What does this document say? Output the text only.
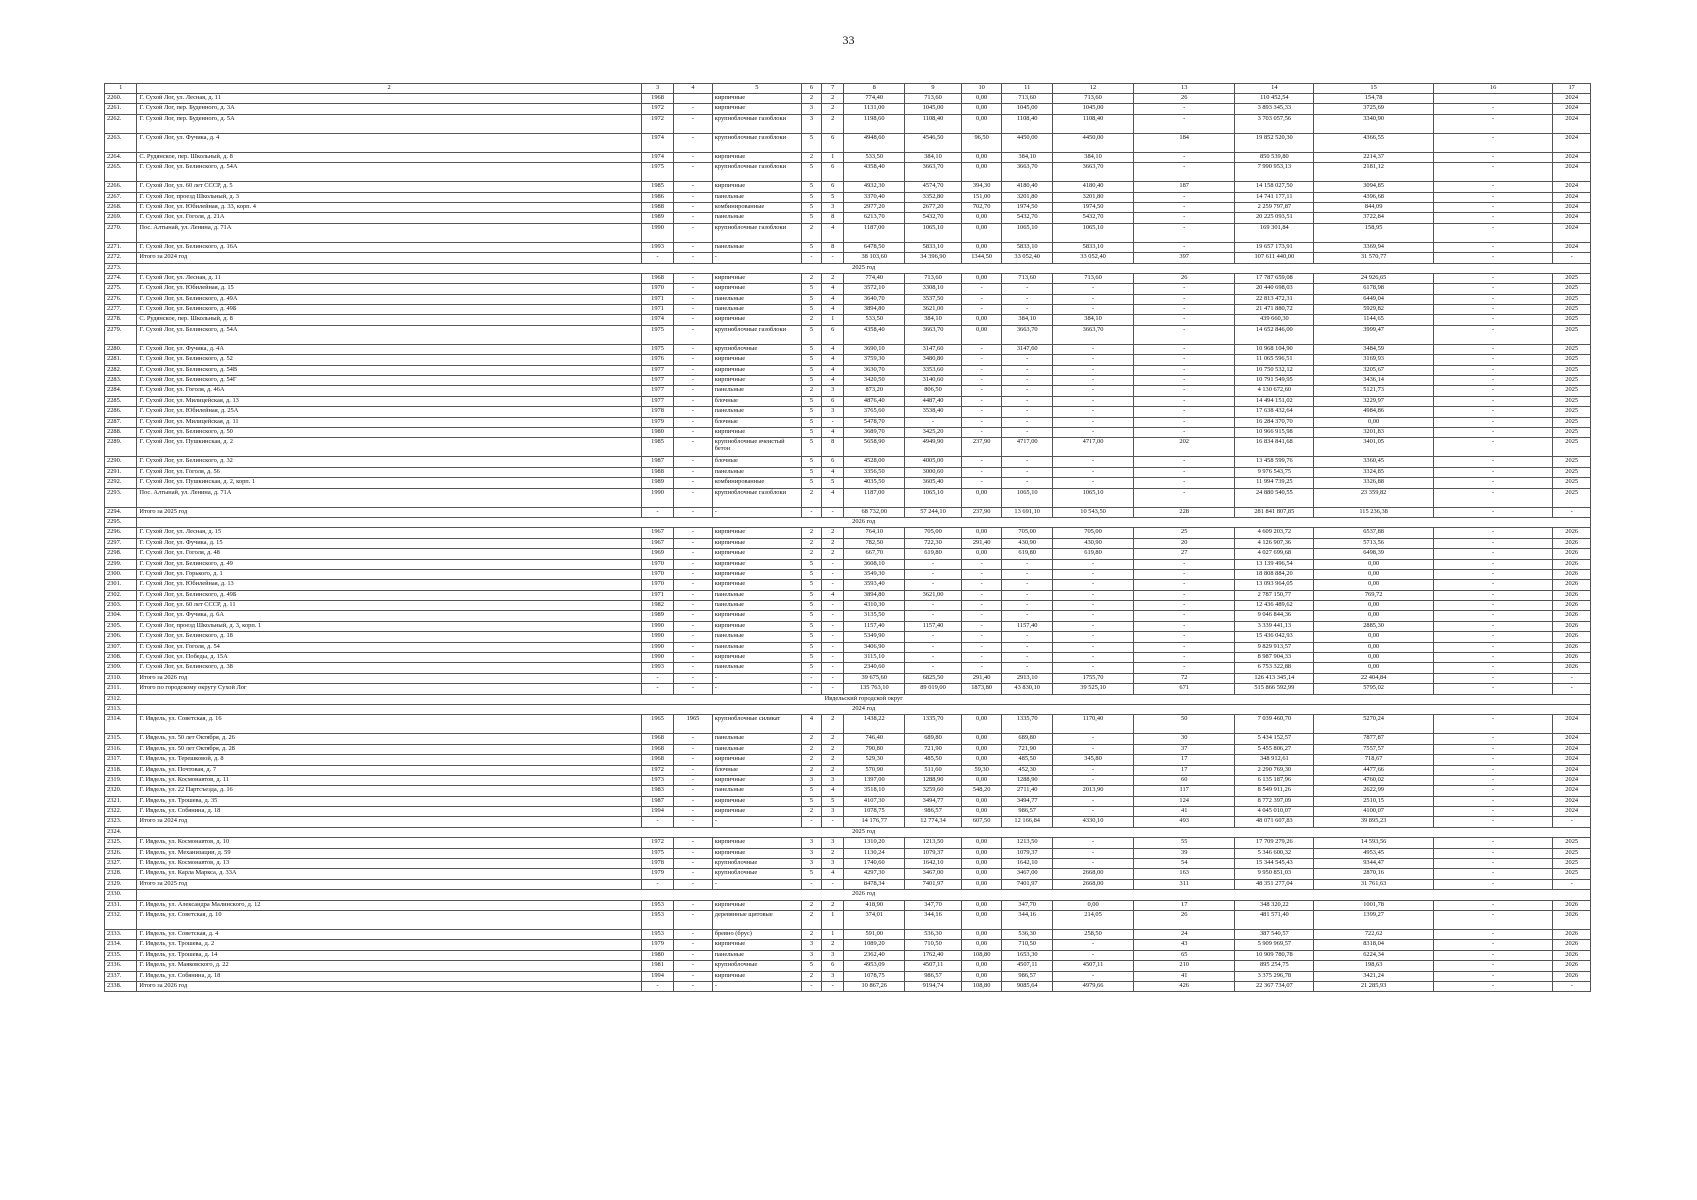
33
1	2	3	4	5	6	7	8	9	10	11	12	13	14	15	16	17
2260.	Г. Сухой Лог, ул. Лесная, д. 11	1968		кирпичные	2	2	774,40	713,60	0,00	713,60	713,60	26	110 452,54	154,78		2024
2261.	Г. Сухой Лог, пер. Буденного, д. 3А	1972	-	кирпичные	3	2	1131,00	1045,00	0,00	1045,00	1045,00	-	3 893 345,33	3725,69	-	2024
2262.	Г. Сухой Лог, пер. Буденного, д. 5А	1972	-	крупноблочные газоблоки	3	2	1198,60	1108,40	0,00	1108,40	1108,40	-	3 703 057,56	3340,90	-	2024
2263.	Г. Сухой Лог, ул. Фучика, д. 4	1974	-	крупноблочные газоблоки	5	6	4948,60	4546,50	96,50	4450,00	4450,00	184	19 852 520,30	4366,55	-	2024
2264.	С. Рудянское, пер. Школьный, д. 8	1974	-	кирпичные	2	1	533,50	384,10	0,00	384,10	384,10	-	850 539,80	2214,37	-	2024
2265.	Г. Сухой Лог, ул. Белинского, д. 54А	1975	-	крупноблочные газоблоки	5	6	4358,40	3663,70	0,00	3663,70	3663,70	-	7 990 953,13	2181,12	-	2024
2266.	Г. Сухой Лог, ул. 60 лет СССР, д. 5	1985	-	кирпичные	5	6	4932,30	4574,70	394,30	4180,40	4180,40	187	14 158 027,50	3094,85	-	2024
2267.	Г. Сухой Лог, проезд Школьный, д. 3	1986	-	панельные	5	5	3370,40	3352,80	151,00	3201,80	3201,80	-	14 741 177,11	4396,68	-	2024
2268.	Г. Сухой Лог, ул. Юбилейная, д. 33, корп. 4	1988	-	комбинированные	5	3	2977,20	2677,20	702,70	1974,50	1974,50	-	2 259 797,87	844,09	-	2024
2269.	Г. Сухой Лог, ул. Гоголя, д. 21А	1989	-	панельные	5	8	6213,70	5432,70	0,00	5432,70	5432,70	-	20 225 093,51	3722,84	-	2024
2270.	Пос. Алтынай, ул. Ленина, д. 71А	1990	-	крупноблочные газоблоки	2	4	1187,00	1065,10	0,00	1065,10	1065,10	-	169 301,84	158,95	-	2024
2271.	Г. Сухой Лог, ул. Белинского, д. 16А	1993	-	панельные	5	8	6478,50	5833,10	0,00	5833,10	5833,10	-	19 657 173,91	3369,94	-	2024
2272.	Итого за 2024 год	-	-	-	-	-	38 103,60	34 396,90	1344,50	33 052,40	33 052,40	397	107 611 440,00	31 570,77	-	-
2273.	2025 год															
2274.	Г. Сухой Лог, ул. Лесная, д. 11	1968	-	кирпичные	2	2	774,40	713,60	0,00	713,60	713,60	26	17 787 659,08	24 926,65	-	2025
2275.	Г. Сухой Лог, ул. Юбилейная, д. 15	1970	-	кирпичные	5	4	3572,10	3308,10	-	-	-	-	20 440 698,03	6178,98	-	2025
2276.	Г. Сухой Лог, ул. Белинского, д. 49А	1971	-	панельные	5	4	3640,70	3537,50	-	-	-	-	22 813 472,31	6449,04	-	2025
2277.	Г. Сухой Лог, ул. Белинского, д. 49Б	1971	-	панельные	5	4	3894,80	3621,00	-	-	-	-	21 471 880,72	5929,82	-	2025
2278.	С. Рудянское, пер. Школьный, д. 8	1974	-	кирпичные	2	1	533,50	384,10	0,00	384,10	384,10	-	439 660,30	1144,65	-	2025
2279.	Г. Сухой Лог, ул. Белинского, д. 54А	1975	-	крупноблочные газоблоки	5	6	4358,40	3663,70	0,00	3663,70	3663,70	-	14 652 846,00	3999,47	-	2025
2280.	Г. Сухой Лог, ул. Фучика, д. 4А	1975	-	крупноблочные	5	4	3690,10	3147,60	-	3147,60	-	-	10 968 104,90	3484,59	-	2025
2281.	Г. Сухой Лог, ул. Белинского, д. 52	1976	-	кирпичные	5	4	3759,30	3480,80	-	-	-	-	11 065 596,51	3169,93	-	2025
2282.	Г. Сухой Лог, ул. Белинского, д. 54В	1977	-	кирпичные	5	4	3630,70	3353,60	-	-	-	-	10 750 532,12	3205,67	-	2025
2283.	Г. Сухой Лог, ул. Белинского, д. 54Г	1977	-	кирпичные	5	4	3420,50	3140,60	-	-	-	-	10 791 549,95	3436,14	-	2025
2284.	Г. Сухой Лог, ул. Гоголя, д. 46А	1977	-	панельные	2	3	873,20	806,50	-	-	-	-	4 130 672,60	5121,73	-	2025
2285.	Г. Сухой Лог, ул. Милицейская, д. 13	1977	-	блочные	5	6	4876,40	4487,40	-	-	-	-	14 494 151,02	3229,97	-	2025
2286.	Г. Сухой Лог, ул. Юбилейная, д. 25А	1978	-	панельные	5	3	3765,60	3538,40	-	-	-	-	17 638 432,64	4984,86	-	2025
2287.	Г. Сухой Лог, ул. Милицейская, д. 11	1979	-	блочные	5	-	5478,70	-	-	-	-	-	16 284 370,70	0,00	-	2025
2288.	Г. Сухой Лог, ул. Белинского, д. 50	1980	-	кирпичные	5	4	3689,70	3425,20	-	-	-	-	10 966 915,98	3201,83	-	2025
2289.	Г. Сухой Лог, ул. Пушкинская, д. 2	1985	-	крупноблочные ячеистый бетон	5	8	5658,90	4949,90	237,90	4717,00	4717,00	202	16 834 841,68	3401,05	-	2025
2290.	Г. Сухой Лог, ул. Белинского, д. 32	1987	-	блочные	5	6	4528,00	4005,00	-	-	-	-	13 458 599,76	3360,45	-	2025
2291.	Г. Сухой Лог, ул. Гоголя, д. 56	1988	-	панельные	5	4	3356,50	3000,60	-	-	-	-	9 976 543,75	3324,85	-	2025
2292.	Г. Сухой Лог, ул. Пушкинская, д. 2, корп. 1	1989	-	комбинированные	5	5	4035,50	3605,40	-	-	-	-	11 994 739,25	3326,88	-	2025
2293.	Пос. Алтынай, ул. Ленина, д. 71А	1990	-	крупноблочные газоблоки	2	4	1187,00	1065,10	0,00	1065,10	1065,10	-	24 880 540,55	23 359,82	-	2025
2294.	Итого за 2025 год	-	-	-	-	-	68 732,00	57 244,10	237,90	13 691,10	10 543,50	228	281 841 807,85	115 236,38	-	-
2295.	2026 год															
2296.	Г. Сухой Лог, ул. Лесная, д. 15	1967	-	кирпичные	2	2	764,10	705,00	0,00	705,00	705,00	25	4 609 203,72	6537,88	-	2026
2297.	Г. Сухой Лог, ул. Фучика, д. 15	1967	-	кирпичные	2	2	782,50	722,30	291,40	430,90	430,90	20	4 126 907,36	5713,56	-	2026
2298.	Г. Сухой Лог, ул. Гоголя, д. 48	1969	-	кирпичные	2	2	667,70	619,80	0,00	619,80	619,80	27	4 027 699,68	6498,39	-	2026
2299.	Г. Сухой Лог, ул. Белинского, д. 49	1970	-	кирпичные	5	-	3608,10	-	-	-	-	-	13 139 496,54	0,00	-	2026
2300.	Г. Сухой Лог, ул. Горького, д. 1	1970	-	кирпичные	5	-	3549,30	-	-	-	-	-	18 808 884,20	0,00	-	2026
2301.	Г. Сухой Лог, ул. Юбилейная, д. 13	1970	-	кирпичные	5	-	3593,40	-	-	-	-	-	13 093 964,05	0,00	-	2026
2302.	Г. Сухой Лог, ул. Белинского, д. 49Б	1971	-	панельные	5	4	3894,80	3621,00	-	-	-	-	2 787 150,77	769,72	-	2026
2303.	Г. Сухой Лог, ул. 60 лет СССР, д. 11	1982	-	панельные	5	-	4310,30	-	-	-	-	-	12 436 489,62	0,00	-	2026
2304.	Г. Сухой Лог, ул. Фучика, д. 6А	1989	-	кирпичные	5	-	3135,50	-	-	-	-	-	9 046 844,36	0,00	-	2026
2305.	Г. Сухой Лог, проезд Школьный, д. 3, корп. 1	1990	-	кирпичные	5	-	1157,40	1157,40	-	1157,40	-	-	3 339 441,13	2885,30	-	2026
2306.	Г. Сухой Лог, ул. Белинского, д. 18	1990	-	панельные	5	-	5349,90	-	-	-	-	-	15 436 042,93	0,00	-	2026
2307.	Г. Сухой Лог, ул. Гоголя, д. 54	1990	-	панельные	5	-	3406,90	-	-	-	-	-	9 829 913,57	0,00	-	2026
2308.	Г. Сухой Лог, ул. Победы, д. 15А	1990	-	кирпичные	5	-	3115,10	-	-	-	-	-	8 987 904,33	0,00	-	2026
2309.	Г. Сухой Лог, ул. Белинского, д. 38	1993	-	панельные	5	-	2340,60	-	-	-	-	-	6 753 322,88	0,00	-	2026
2310.	Итого за 2026 год	-	-	-	-	-	39 675,60	6825,50	291,40	2913,10	1755,70	72	126 413 345,14	22 404,84	-	-
2311.	Итого по городскому округу Сухой Лог	-	-	-	-	-	135 763,10	89 019,00	1873,80	43 830,10	39 525,10	671	515 866 592,99	5795,02	-	-
2312.	Ивдельский городской округ															
2313.	2024 год															
2314.	Г. Ивдель, ул. Советская, д. 16	1965	1965	крупноблочные силикат	4	2	1438,22	1335,70	0,00	1335,70	1170,40	50	7 039 460,70	5270,24	-	2024
2315.	Г. Ивдель, ул. 50 лет Октября, д. 26	1968	-	панельные	2	2	746,40	689,80	0,00	689,80	-	30	5 434 152,57	7877,87	-	2024
2316.	Г. Ивдель, ул. 50 лет Октября, д. 28	1968	-	панельные	2	2	790,80	721,90	0,00	721,90	-	37	5 455 806,27	7557,57	-	2024
2317.	Г. Ивдель, ул. Терешковой, д. 8	1968	-	кирпичные	2	2	529,30	485,50	0,00	485,50	345,80	17	348 912,61	718,67	-	2024
2318.	Г. Ивдель, ул. Почтовая, д. 7	1972	-	блочные	2	2	570,90	511,60	59,30	452,30	-	17	2 290 769,30	4477,66	-	2024
2319.	Г. Ивдель, ул. Космонавтов, д. 11	1973	-	кирпичные	3	3	1397,00	1288,90	0,00	1288,90	-	60	6 135 187,96	4760,02	-	2024
2320.	Г. Ивдель, ул. 22 Партсъезда, д. 16	1983	-	панельные	5	4	3518,10	3259,60	548,20	2711,40	2013,90	117	8 549 911,26	2622,99	-	2024
2321.	Г. Ивдель, ул. Трошева, д. 35	1987	-	кирпичные	5	5	4107,30	3494,77	0,00	3494,77	-	124	8 772 397,09	2510,15	-	2024
2322.	Г. Ивдель, ул. Собянина, д. 18	1994	-	кирпичные	2	3	1078,75	986,57	0,00	986,57	-	41	4 045 010,07	4100,07	-	2024
2323.	Итого за 2024 год	-	-	-	-	-	14 176,77	12 774,34	607,50	12 166,84	4330,10	493	48 071 607,83	39 895,23	-	-
2324.	2025 год															
2325.	Г. Ивдель, ул. Космонавтов, д. 10	1972	-	кирпичные	3	3	1310,20	1213,50	0,00	1213,50	-	55	17 709 279,26	14 593,56	-	2025
2326.	Г. Ивдель, ул. Механизации, д. 59	1975	-	кирпичные	3	2	1130,24	1079,37	0,00	1079,37	-	39	5 346 600,32	4953,45	-	2025
2327.	Г. Ивдель, ул. Космонавтов, д. 13	1978	-	крупноблочные	3	3	1740,60	1642,10	0,00	1642,10	-	54	15 344 545,43	9344,47	-	2025
2328.	Г. Ивдель, ул. Карла Маркса, д. 33А	1979	-	крупноблочные	5	4	4297,30	3467,00	0,00	3467,00	2668,00	163	9 950 851,03	2870,16	-	2025
2329.	Итого за 2025 год	-	-	-	-	-	8478,34	7401,97	0,00	7401,97	2668,00	311	48 351 277,04	31 761,63	-	-
2330.	2026 год															
2331.	Г. Ивдель, ул. Александра Малинского, д. 12	1953	-	кирпичные	2	2	418,90	347,70	0,00	347,70	0,00	17	348 320,22	1001,78	-	2026
2332.	Г. Ивдель, ул. Советская, д. 10	1953	-	деревянные щитовые	2	1	374,01	344,16	0,00	344,16	214,05	26	481 571,40	1399,27	-	2026
2333.	Г. Ивдель, ул. Советская, д. 4	1953	-	бревно (брус)	2	1	591,00	536,30	0,00	536,30	258,50	24	387 540,57	722,62	-	2026
2334.	Г. Ивдель, ул. Трошева, д. 2	1979	-	кирпичные	3	2	1089,20	710,50	0,00	710,50	-	43	5 909 969,57	8318,04	-	2026
2335.	Г. Ивдель, ул. Трошева, д. 14	1980	-	панельные	3	3	2362,40	1762,40	108,80	1653,30	-	65	10 909 780,78	6224,34	-	2026
2336.	Г. Ивдель, ул. Маяковского, д. 22	1981	-	крупноблочные	5	6	4953,09	4507,11	0,00	4507,11	4507,11	210	895 254,75	198,63	-	2026
2337.	Г. Ивдель, ул. Собянина, д. 18	1994	-	кирпичные	2	3	1078,75	986,57	0,00	986,57	-	41	3 375 296,78	3421,24	-	2026
2338.	Итого за 2026 год	-	-	-	-	-	10 867,26	9194,74	108,80	9085,64	4979,66	426	22 367 734,07	21 285,93	-	-
